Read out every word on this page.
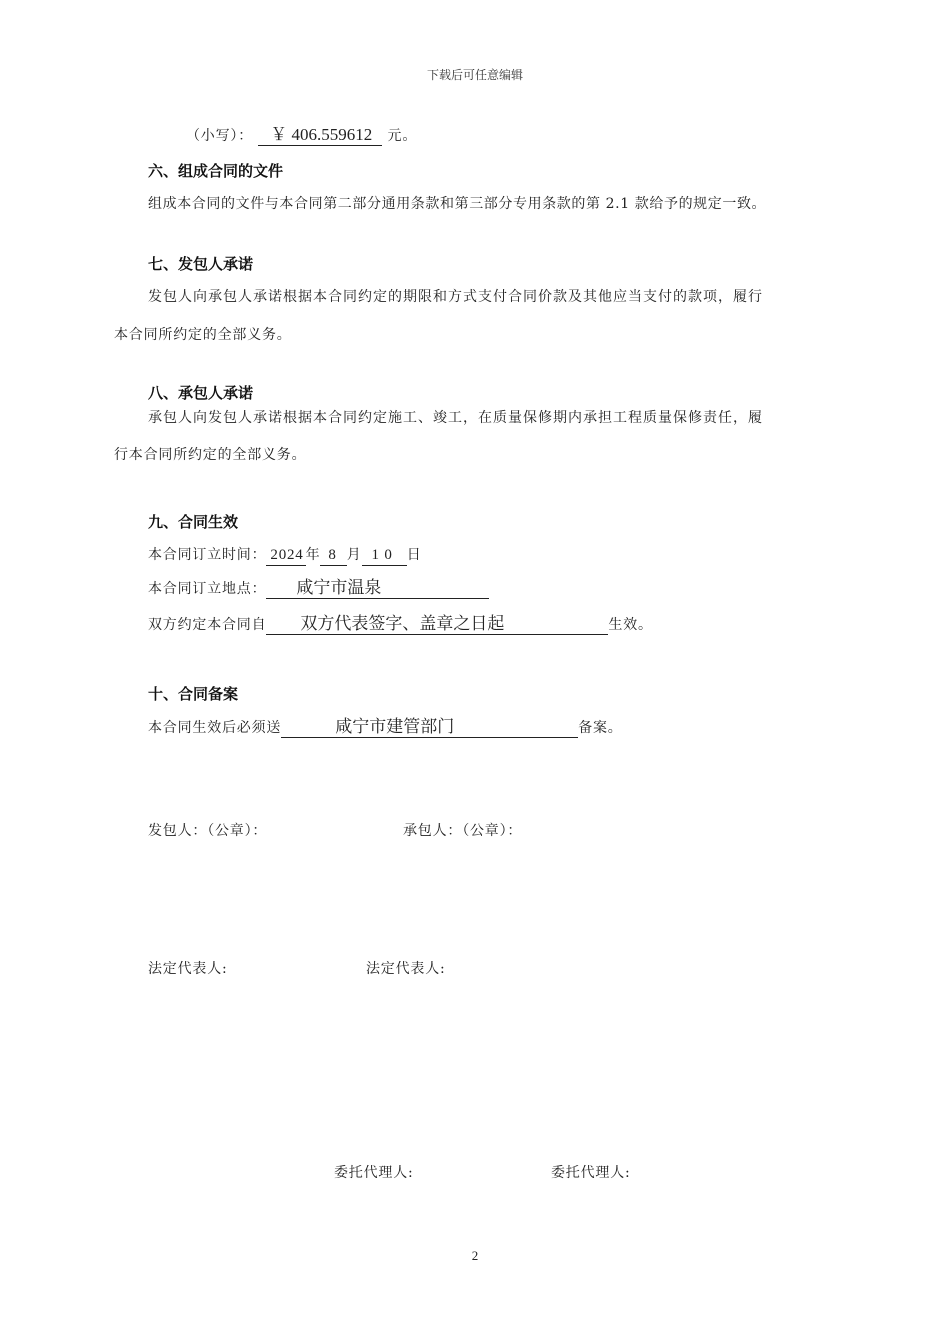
下载后可任意编辑
（小写）： ￥ 406.559612 元。
六、组成合同的文件
组成本合同的文件与本合同第二部分通用条款和第三部分专用条款的第 2.1 款给予的规定一致。
七、发包人承诺
发包人向承包人承诺根据本合同约定的期限和方式支付合同价款及其他应当支付的款项，履行
本合同所约定的全部义务。
八、承包人承诺
承包人向发包人承诺根据本合同约定施工、竣工，在质量保修期内承担工程质量保修责任，履
行本合同所约定的全部义务。
九、合同生效
本合同订立时间： 2024 年 8 月 1 0 日
本合同订立地点： 咸宁市温泉
双方约定本合同自 双方代表签字、盖章之日起	生效。
十、合同备案
本合同生效后必须送	咸宁市建管部门	备案。
发包人：（公章）：	承包人：（公章）：
法定代表人:	法定代表人:
委托代理人:	委托代理人:
2
